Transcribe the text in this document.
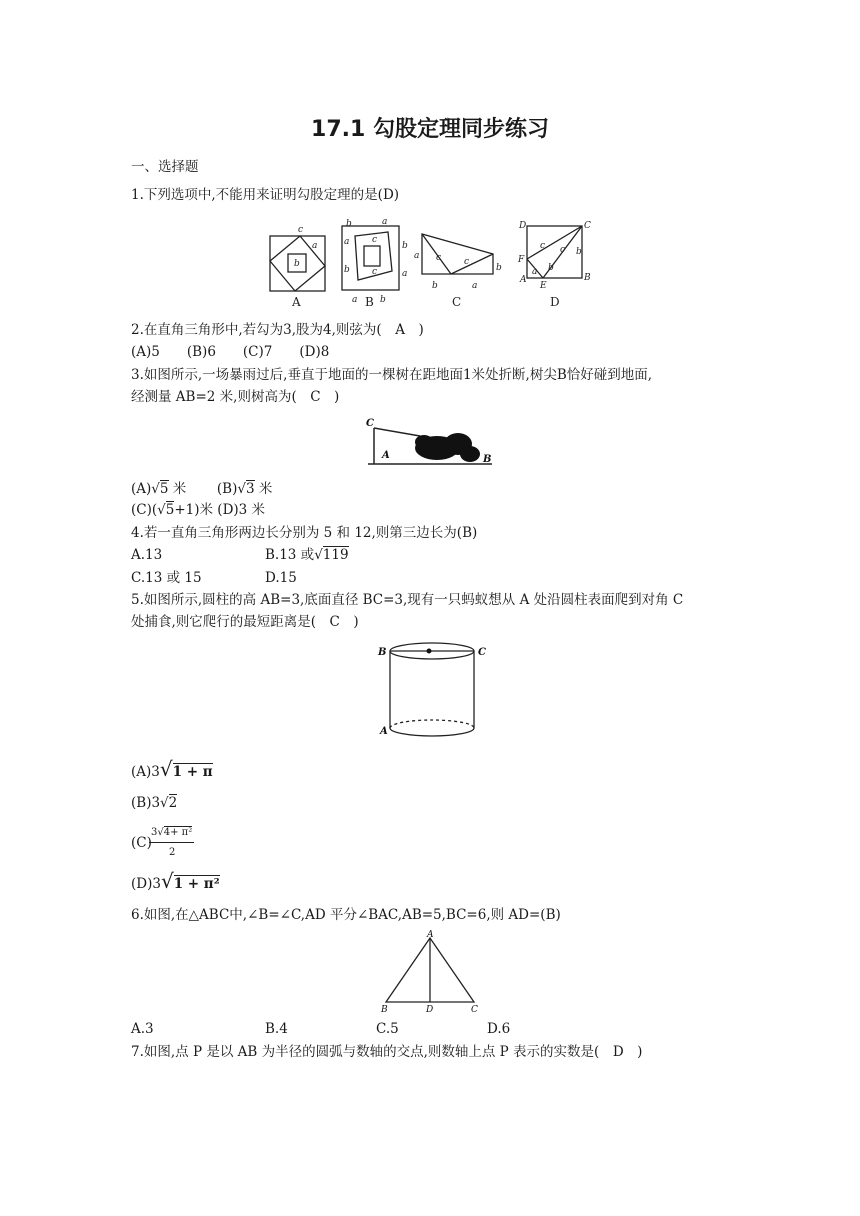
17.1 勾股定理同步练习
一、选择题
1.下列选项中,不能用来证明勾股定理的是(D)
c
a
b
b	a
a	c
b
b c	a
a	b
a c	c
b
b	a
D	C
c
F
c
a b
A
E
B
b
A	B	C	D
2.在直角三角形中,若勾为3,股为4,则弦为(　A　)
(A)5　　(B)6　　(C)7　　(D)8
3.如图所示,一场暴雨过后,垂直于地面的一棵树在距地面1米处折断,树尖B恰好碰到地面,
经测量 AB=2 米,则树高为(　C　)
C
A	B
(A)√5 米 (B)√3 米
(C)(√5+1)米 (D)3 米
4.若一直角三角形两边长分别为 5 和 12,则第三边长为(B)
A.13	B.13 或√119
C.13 或 15	D.15
5.如图所示,圆柱的高 AB=3,底面直径 BC=3,现有一只蚂蚁想从 A 处沿圆柱表面爬到对角 C
处捕食,则它爬行的最短距离是(　C　)
B	C
A
(A)3√1 + π
(B)3√2
(C)
3√4+ π²
2
(D)3√1 + π²
6.如图,在△ABC中,∠B=∠C,AD 平分∠BAC,AB=5,BC=6,则 AD=(B)
A
B	D	C
A.3	B.4	C.5	D.6
7.如图,点 P 是以 AB 为半径的圆弧与数轴的交点,则数轴上点 P 表示的实数是(　D　)
